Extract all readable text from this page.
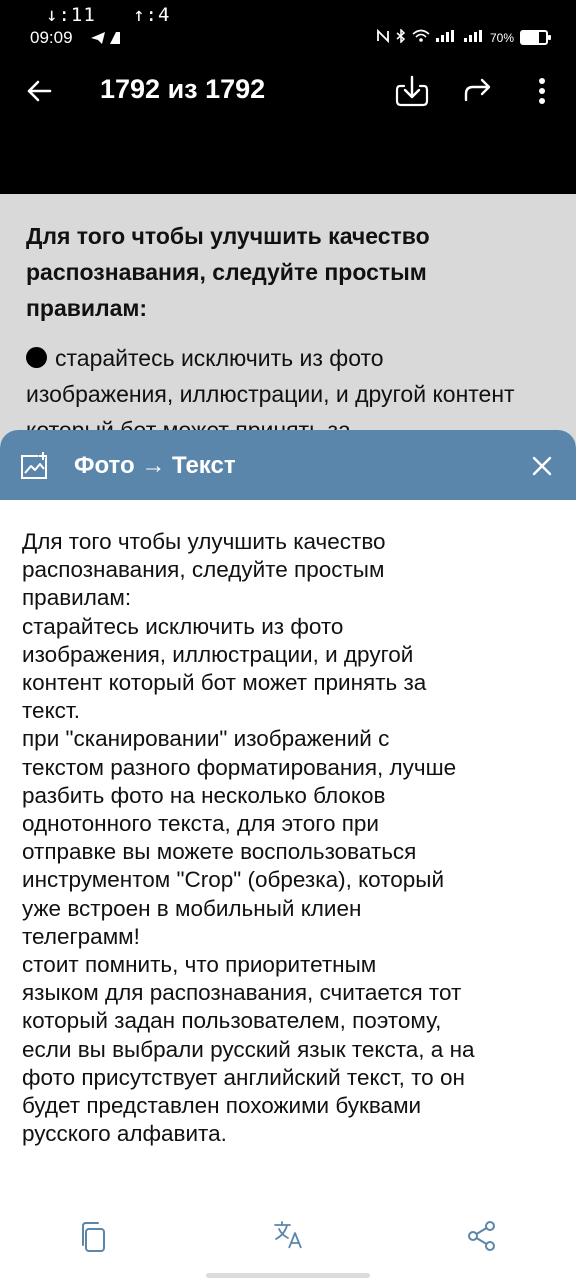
↓:11 ↑:4
09:09	70%
1792 из 1792
Для того чтобы улучшить качество распознавания, следуйте простым правилам:
старайтесь исключить из фото изображения, иллюстрации, и другой контент
Фото → Текст
Для того чтобы улучшить качество
распознавания, следуйте простым
правилам:
старайтесь исключить из фото
изображения, иллюстрации, и другой
контент который бот может принять за
текст.
при "сканировании" изображений с
текстом разного форматирования, лучше
разбить фото на несколько блоков
однотонного текста, для этого при
отправке вы можете воспользоваться
инструментом "Crop" (обрезка), который
уже встроен в мобильный клиен
телеграмм!
стоит помнить, что приоритетным
языком для распознавания, считается тот
который задан пользователем, поэтому,
если вы выбрали русский язык текста, а на
фото присутствует английский текст, то он
будет представлен похожими буквами
русского алфавита.
